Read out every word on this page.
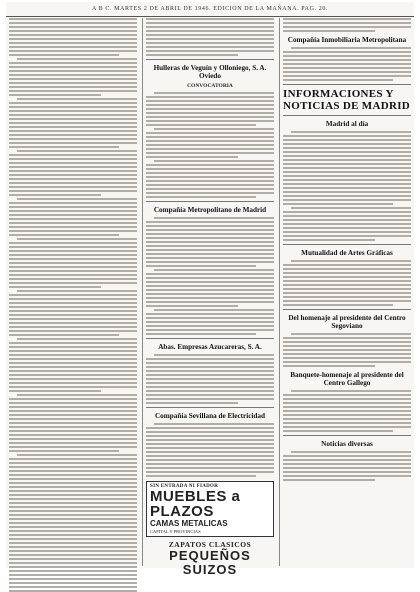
A B C. MARTES 2 DE ABRIL DE 1946. EDICION DE LA MAÑANA. PAG. 20.
Hulleras de Veguín y Olloniego, S. A. Oviedo
CONVOCATORIA
Compañía Metropolitano de Madrid
Abas. Empresas Azucareras, S. A.
Compañía Sevillana de Electricidad
SIN ENTRADA NI FIADOR
MUEBLES a PLAZOS
CAMAS METALICAS
CAPITAL Y PROVINCIAS
ZAPATOS CLASICOS
PEQUEÑOS SUIZOS
Compañía Inmobiliaria Metropolitana
INFORMACIONES Y NOTICIAS DE MADRID
Madrid al día
Mutualidad de Artes Gráficas
Del homenaje al presidente del Centro Segoviano
Banquete-homenaje al presidente del Centro Gallego
Noticias diversas
